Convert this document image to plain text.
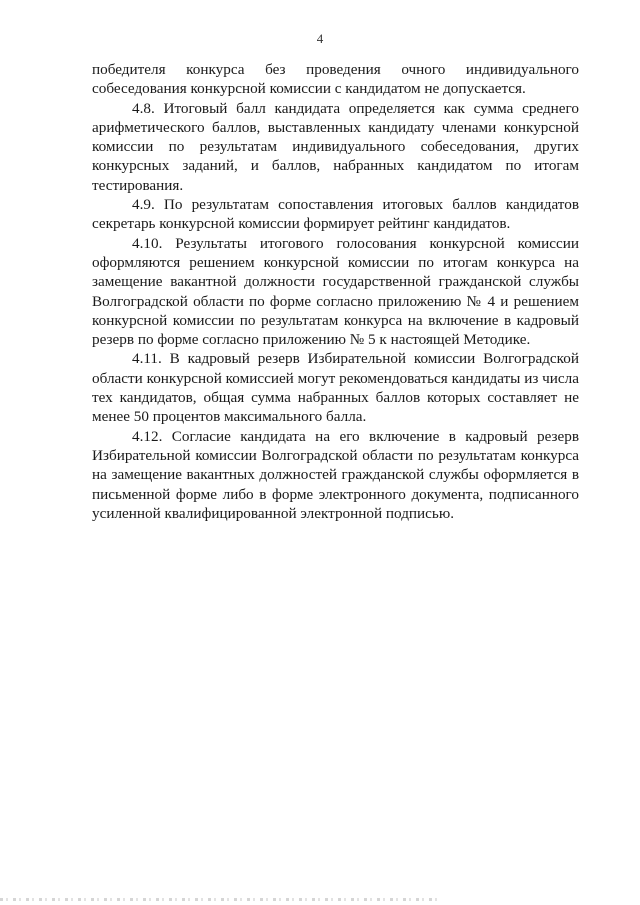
4

победителя конкурса без проведения очного индивидуального собеседования конкурсной комиссии с кандидатом не допускается.

4.8. Итоговый балл кандидата определяется как сумма среднего арифметического баллов, выставленных кандидату членами конкурсной комиссии по результатам индивидуального собеседования, других конкурсных заданий, и баллов, набранных кандидатом по итогам тестирования.

4.9. По результатам сопоставления итоговых баллов кандидатов секретарь конкурсной комиссии формирует рейтинг кандидатов.

4.10. Результаты итогового голосования конкурсной комиссии оформляются решением конкурсной комиссии по итогам конкурса на замещение вакантной должности государственной гражданской службы Волгоградской области по форме согласно приложению № 4 и решением конкурсной комиссии по результатам конкурса на включение в кадровый резерв по форме согласно приложению № 5 к настоящей Методике.

4.11. В кадровый резерв Избирательной комиссии Волгоградской области конкурсной комиссией могут рекомендоваться кандидаты из числа тех кандидатов, общая сумма набранных баллов которых составляет не менее 50 процентов максимального балла.

4.12. Согласие кандидата на его включение в кадровый резерв Избирательной комиссии Волгоградской области по результатам конкурса на замещение вакантных должностей гражданской службы оформляется в письменной форме либо в форме электронного документа, подписанного усиленной квалифицированной электронной подписью.
